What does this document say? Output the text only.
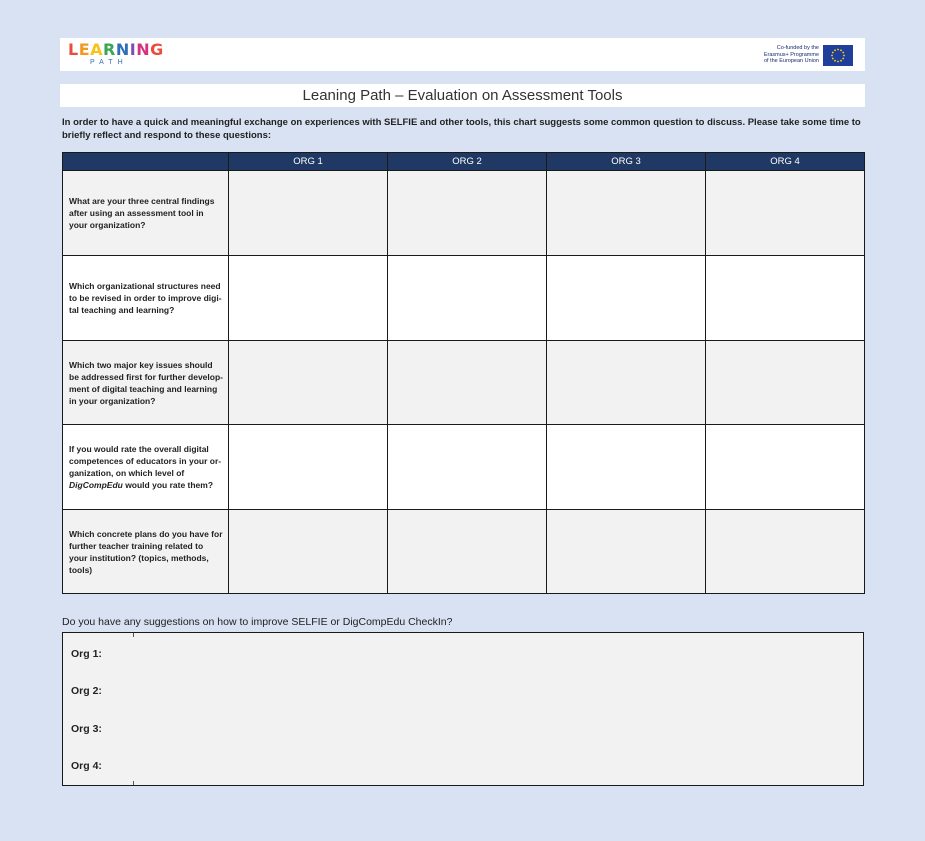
LEARNING
PATH
Co-funded by the
Erasmus+ Programme
of the European Union
Leaning Path – Evaluation on Assessment Tools
In order to have a quick and meaningful exchange on experiences with SELFIE and other tools, this chart suggests some common question to discuss. Please take some time to briefly reflect and respond to these questions:
	ORG 1	ORG 2	ORG 3	ORG 4

What are your three central findings after using an assessment tool in your organization?				

Which organizational structures need to be revised in order to improve digi-tal teaching and learning?				

Which two major key issues should be addressed first for further develop-ment of digital teaching and learning in your organization?				

If you would rate the overall digital competences of educators in your or-ganization, on which level of DigCompEdu would you rate them?				

Which concrete plans do you have for further teacher training related to your institution? (topics, methods, tools)				

Do you have any suggestions on how to improve SELFIE or DigCompEdu CheckIn?
Org 1:
Org 2:
Org 3:
Org 4:
